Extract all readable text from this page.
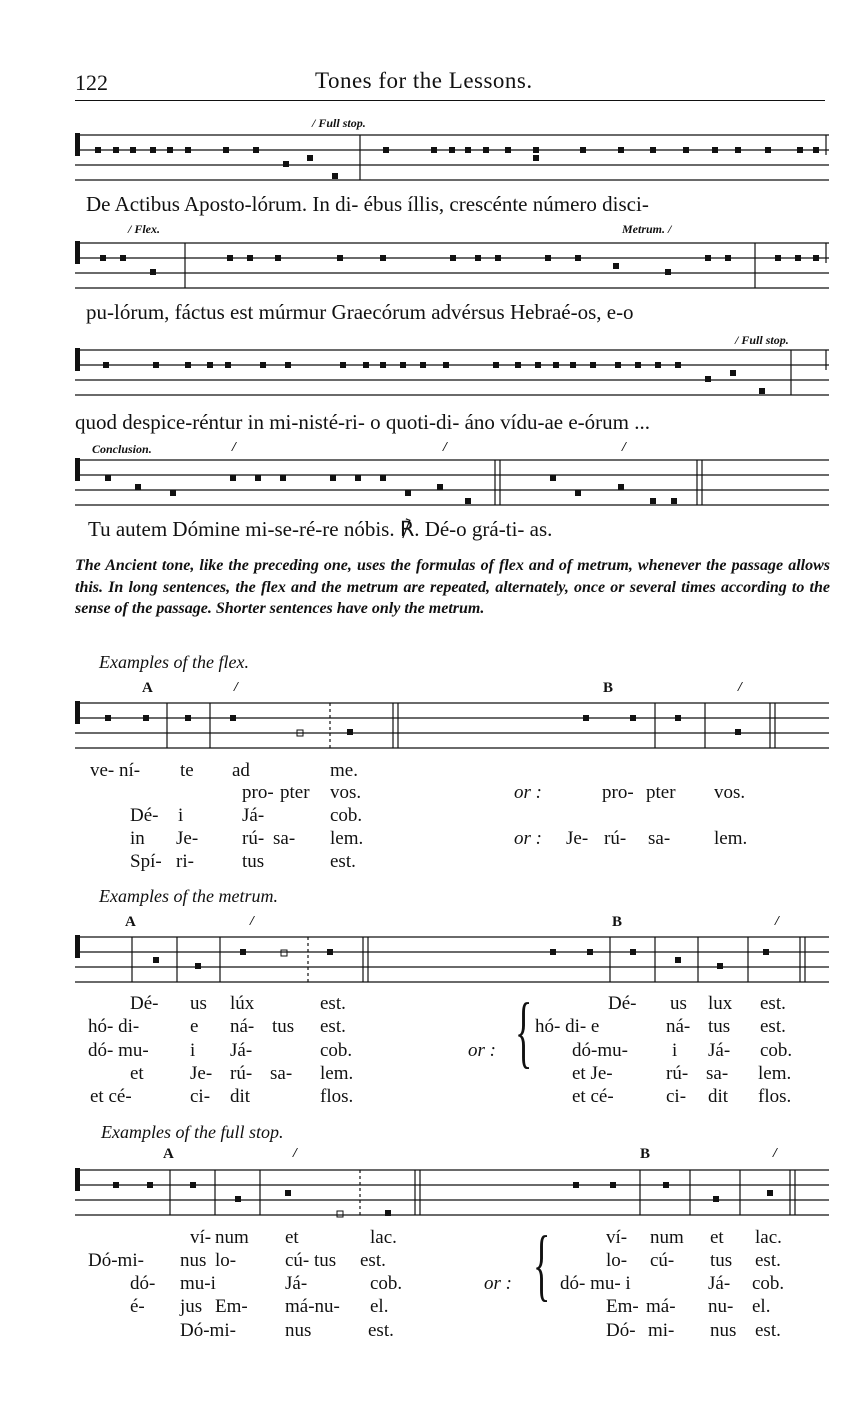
122	Tones for the Lessons.
/ Full stop.
De Actibus Aposto-lórum. In di- ébus íllis, crescénte número disci-
/ Flex.	Metrum. /
pu-lórum, fáctus est múrmur Graecórum advérsus Hebraé-os, e-o
/ Full stop.
quod despice-réntur in mi-nisté-ri- o quoti-di- áno vídu-ae e-órum ...
Conclusion.	/	/	/
Tu autem Dómine mi-se-ré-re nóbis. ℟. Dé-o grá-ti- as.
The Ancient tone, like the preceding one, uses the formulas of flex and of metrum, whenever the passage allows this. In long sentences, the flex and the metrum are repeated, alternately, once or several times according to the sense of the passage. Shorter sentences have only the metrum.
Examples of the flex.
A	/	B	/
ve- ní- te ad	me.
pro- pter vos.
Dé- i	Já-	cob.
in Je- rú- sa- lem.
Spí- ri-	tus	est.
or :	pro- pter vos.
or : Je- rú- sa- lem.
Examples of the metrum.
A	/	B	/
Dé- us lúx	est.
hó- di-	e ná- tus est.
dó- mu- i Já-	cob.
et Je- rú- sa- lem.
et cé-	ci- dit	flos.
or : {	Dé- us lux est.
hó- di- e	ná- tus est.
dó-mu- i Já- cob.
et Je-	rú- sa- lem.
et cé-	ci- dit flos.
Examples of the full stop.
A	/	B	/
ví- num et	lac.
Dó-mi- nus lo-	cú- tus est.
dó- mu-i	Já-	cob.
é- jus Em- má-nu- el.
Dó-mi-	nus	est.
or : {	ví- num et lac.
lo- cú- tus est.
dó- mu- i	Já- cob.
Em- má- nu- el.
Dó- mi- nus est.
